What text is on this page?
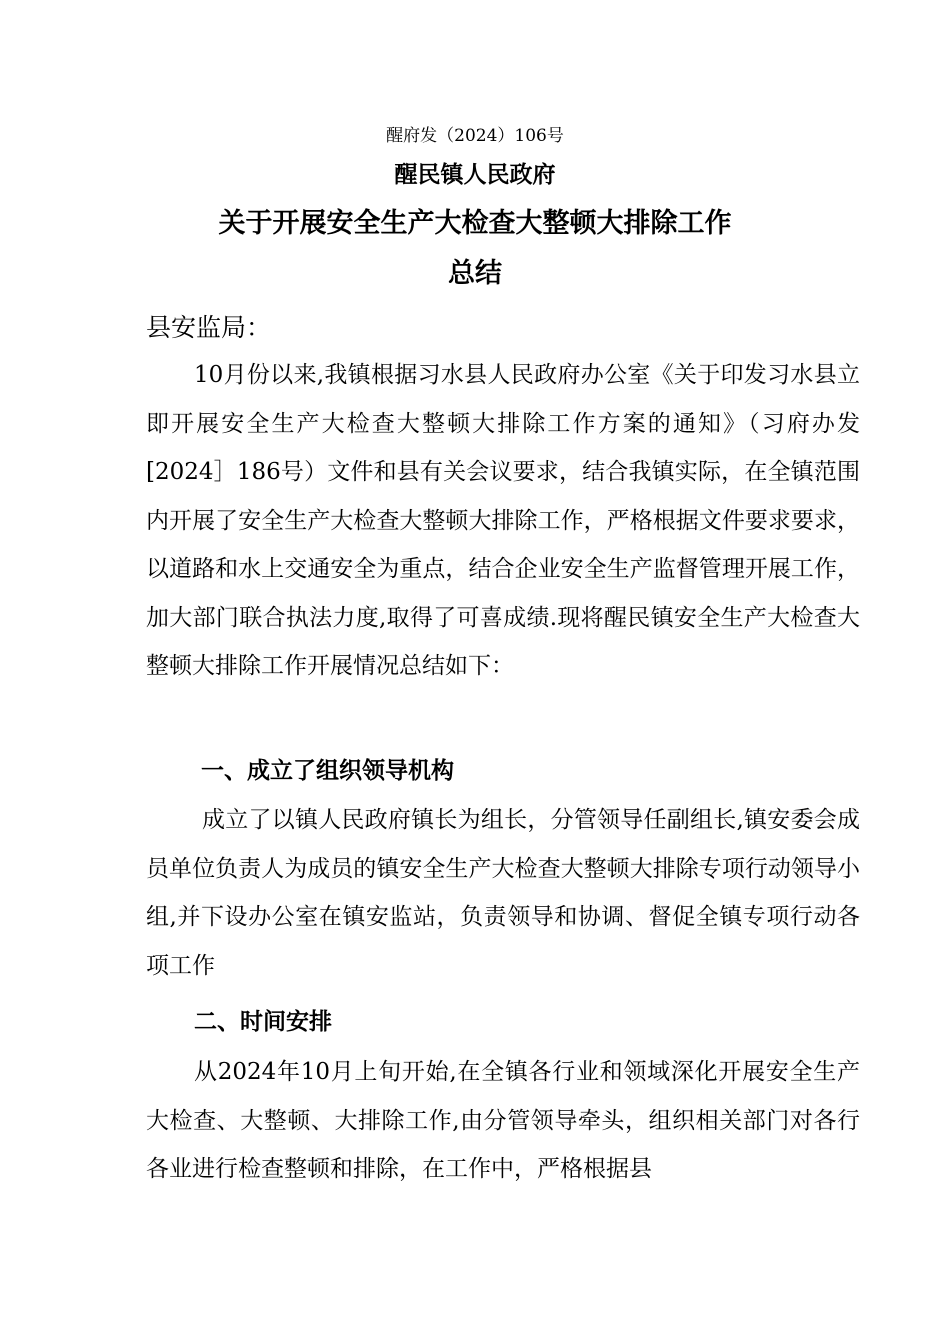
醒府发（2024）106号
醒民镇人民政府
关于开展安全生产大检查大整顿大排除工作
总结
县安监局：

10月份以来,我镇根据习水县人民政府办公室《关于印发习水县立即开展安全生产大检查大整顿大排除工作方案的通知》（习府办发[2024］186号）文件和县有关会议要求，结合我镇实际，在全镇范围内开展了安全生产大检查大整顿大排除工作，严格根据文件要求要求，以道路和水上交通安全为重点，结合企业安全生产监督管理开展工作，加大部门联合执法力度,取得了可喜成绩.现将醒民镇安全生产大检查大整顿大排除工作开展情况总结如下：

一、成立了组织领导机构

成立了以镇人民政府镇长为组长，分管领导任副组长,镇安委会成员单位负责人为成员的镇安全生产大检查大整顿大排除专项行动领导小组,并下设办公室在镇安监站，负责领导和协调、督促全镇专项行动各项工作

二、时间安排

从2024年10月上旬开始,在全镇各行业和领域深化开展安全生产大检查、大整顿、大排除工作,由分管领导牵头，组织相关部门对各行各业进行检查整顿和排除，在工作中，严格根据县
